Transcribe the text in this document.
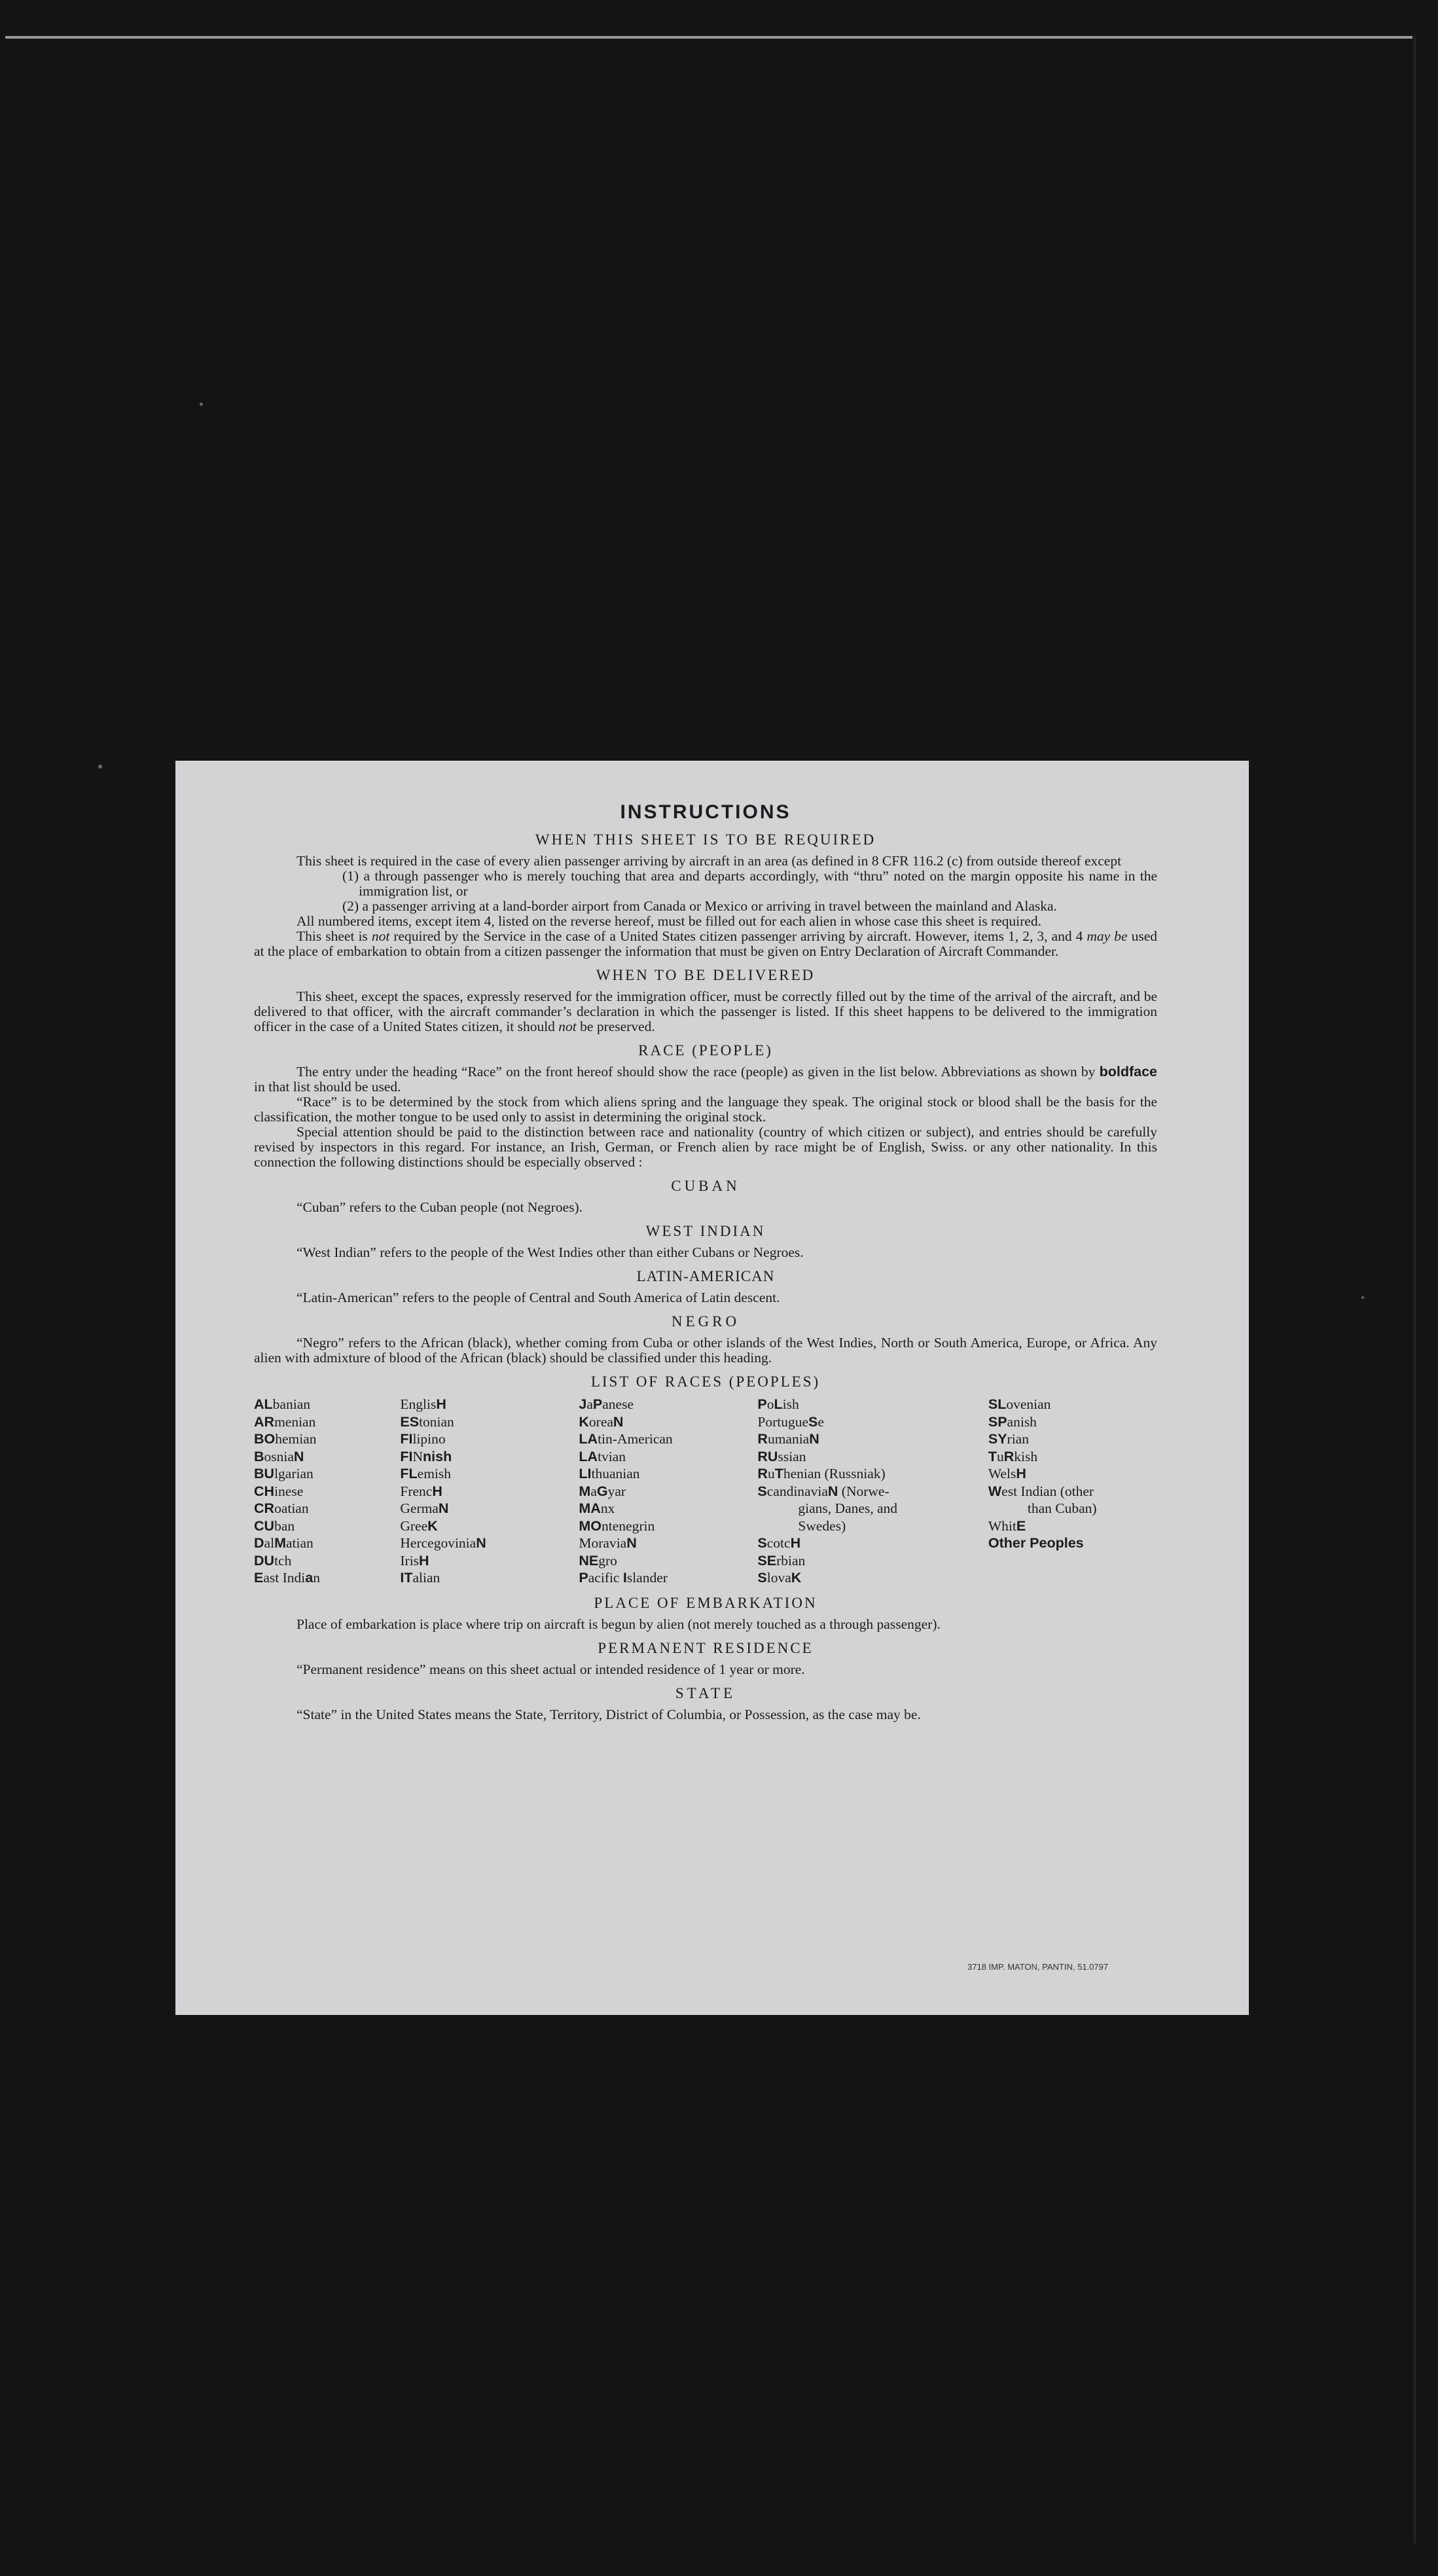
INSTRUCTIONS
WHEN THIS SHEET IS TO BE REQUIRED

This sheet is required in the case of every alien passenger arriving by aircraft in an area (as defined in 8 CFR 116.2 (c) from outside thereof except

(1) a through passenger who is merely touching that area and departs accordingly, with “thru” noted on the margin opposite his name in the immigration list, or

(2) a passenger arriving at a land-border airport from Canada or Mexico or arriving in travel between the mainland and Alaska.

All numbered items, except item 4, listed on the reverse hereof, must be filled out for each alien in whose case this sheet is required.

This sheet is not required by the Service in the case of a United States citizen passenger arriving by aircraft. However, items 1, 2, 3, and 4 may be used at the place of embarkation to obtain from a citizen passenger the information that must be given on Entry Declaration of Aircraft Commander.

WHEN TO BE DELIVERED

This sheet, except the spaces, expressly reserved for the immigration officer, must be correctly filled out by the time of the arrival of the aircraft, and be delivered to that officer, with the aircraft commander’s declaration in which the passenger is listed. If this sheet happens to be delivered to the immigration officer in the case of a United States citizen, it should not be preserved.

RACE (PEOPLE)

The entry under the heading “Race” on the front hereof should show the race (people) as given in the list below. Abbreviations as shown by boldface in that list should be used.

“Race” is to be determined by the stock from which aliens spring and the language they speak. The original stock or blood shall be the basis for the classification, the mother tongue to be used only to assist in determining the original stock.

Special attention should be paid to the distinction between race and nationality (country of which citizen or subject), and entries should be carefully revised by inspectors in this regard. For instance, an Irish, German, or French alien by race might be of English, Swiss. or any other nationality. In this connection the following distinctions should be especially observed :

CUBAN

“Cuban” refers to the Cuban people (not Negroes).

WEST INDIAN

“West Indian” refers to the people of the West Indies other than either Cubans or Negroes.

LATIN-AMERICAN

“Latin-American” refers to the people of Central and South America of Latin descent.

NEGRO

“Negro” refers to the African (black), whether coming from Cuba or other islands of the West Indies, North or South America, Europe, or Africa. Any alien with admixture of blood of the African (black) should be classified under this heading.

LIST OF RACES (PEOPLES)
ALbanian
ARmenian
BOhemian
BosniaN
BUlgarian
CHinese
CRoatian
CUban
DalMatian
DUtch
East Indian
EnglisH
EStonian
FIlipino
FINnish
FLemish
FrencH
GermaN
GreeK
HercegoviniaN
IrisH
ITalian
JaPanese
KoreaN
LAtin-American
LAtvian
LIthuanian
MaGyar
MAnx
MOntenegrin
MoraviaN
NEgro
Pacific Islander
PoLish
PortugueSe
RumaniaN
RUssian
RuThenian (Russniak)
ScandinaviaN (Norwe-
gians, Danes, and
Swedes)
ScotcH
SErbian
SlovaK
SLovenian
SPanish
SYrian
TuRkish
WelsH
West Indian (other
than Cuban)
WhitE
Other Peoples
PLACE OF EMBARKATION

Place of embarkation is place where trip on aircraft is begun by alien (not merely touched as a through passenger).

PERMANENT RESIDENCE

“Permanent residence” means on this sheet actual or intended residence of 1 year or more.

STATE

“State” in the United States means the State, Territory, District of Columbia, or Possession, as the case may be.

3718 IMP. MATON, PANTIN, 51.0797
